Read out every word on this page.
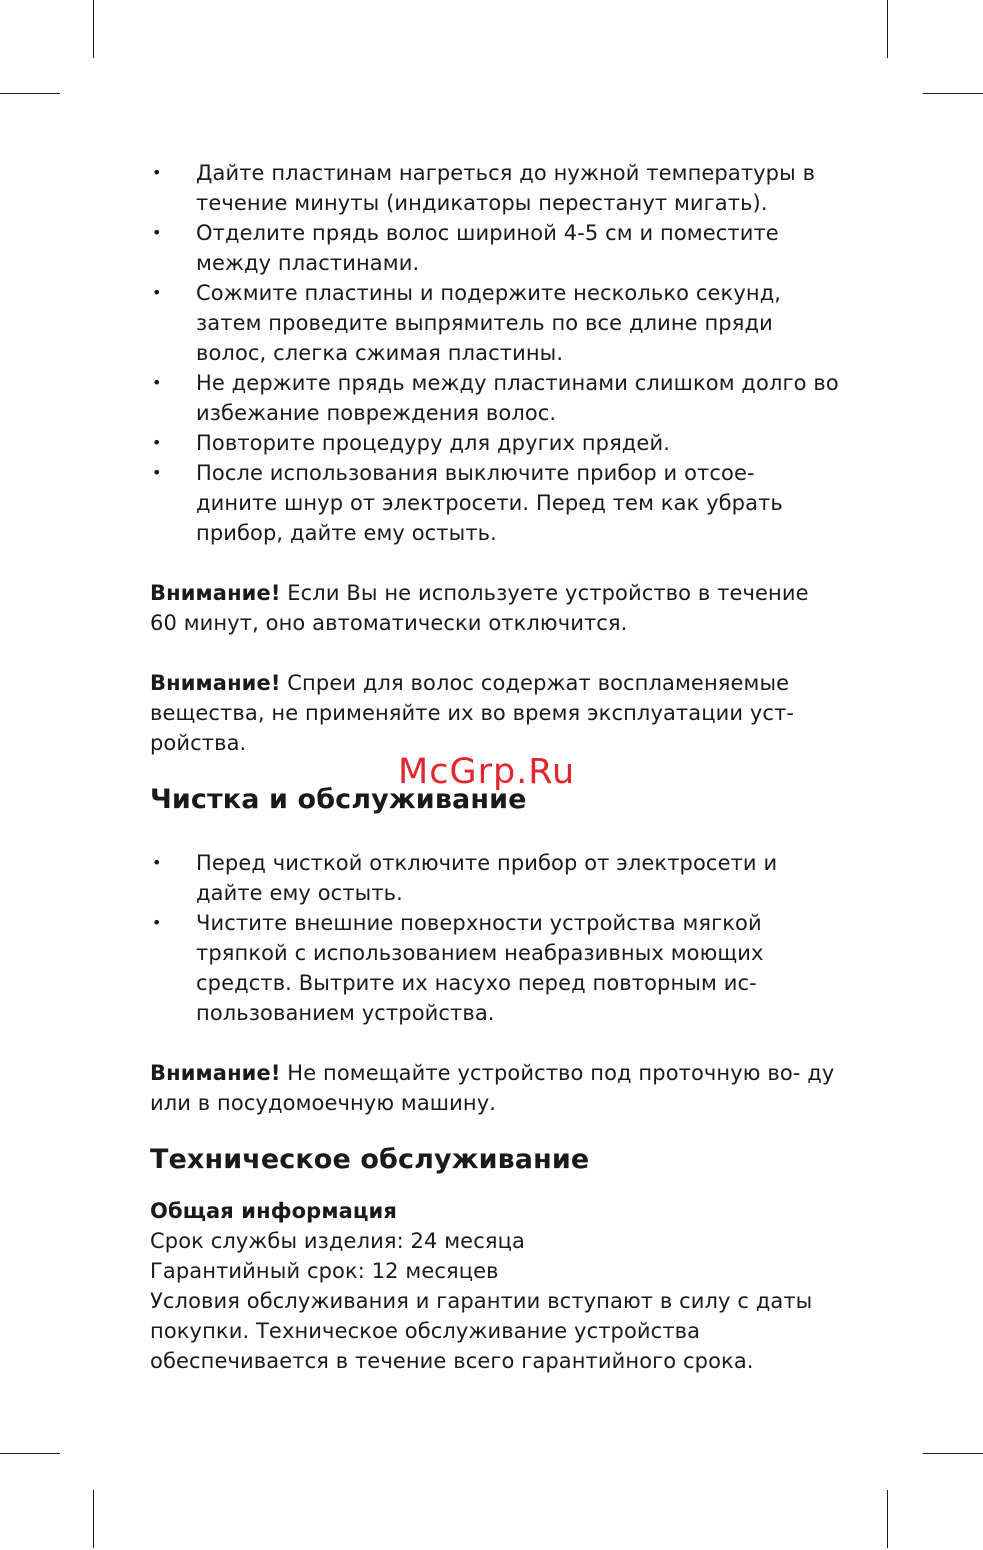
• Дайте пластинам нагреться до нужной температуры в течение минуты (индикаторы перестанут мигать).
• Отделите прядь волос шириной 4-5 см и поместите между пластинами.
• Сожмите пластины и подержите несколько секунд, затем проведите выпрямитель по все длине пряди волос, слегка сжимая пластины.
• Не держите прядь между пластинами слишком долго во избежание повреждения волос.
• Повторите процедуру для других прядей.
• После использования выключите прибор и отсое- дините шнур от электросети. Перед тем как убрать прибор, дайте ему остыть.

Внимание! Если Вы не используете устройство в течение 60 минут, оно автоматически отключится.

Внимание! Спреи для волос содержат воспламеняемые вещества, не применяйте их во время эксплуатации уст- ройства.

Чистка и обслуживание
• Перед чисткой отключите прибор от электросети и дайте ему остыть.
• Чистите внешние поверхности устройства мягкой тряпкой с использованием неабразивных моющих средств. Вытрите их насухо перед повторным ис- пользованием устройства.

Внимание! Не помещайте устройство под проточную во- ду или в посудомоечную машину.

Техническое обслуживание

Общая информация

Срок службы изделия: 24 месяца

Гарантийный срок: 12 месяцев

Условия обслуживания и гарантии вступают в силу с даты покупки. Техническое обслуживание устройства обеспечивается в течение всего гарантийного срока.

McGrp.Ru
